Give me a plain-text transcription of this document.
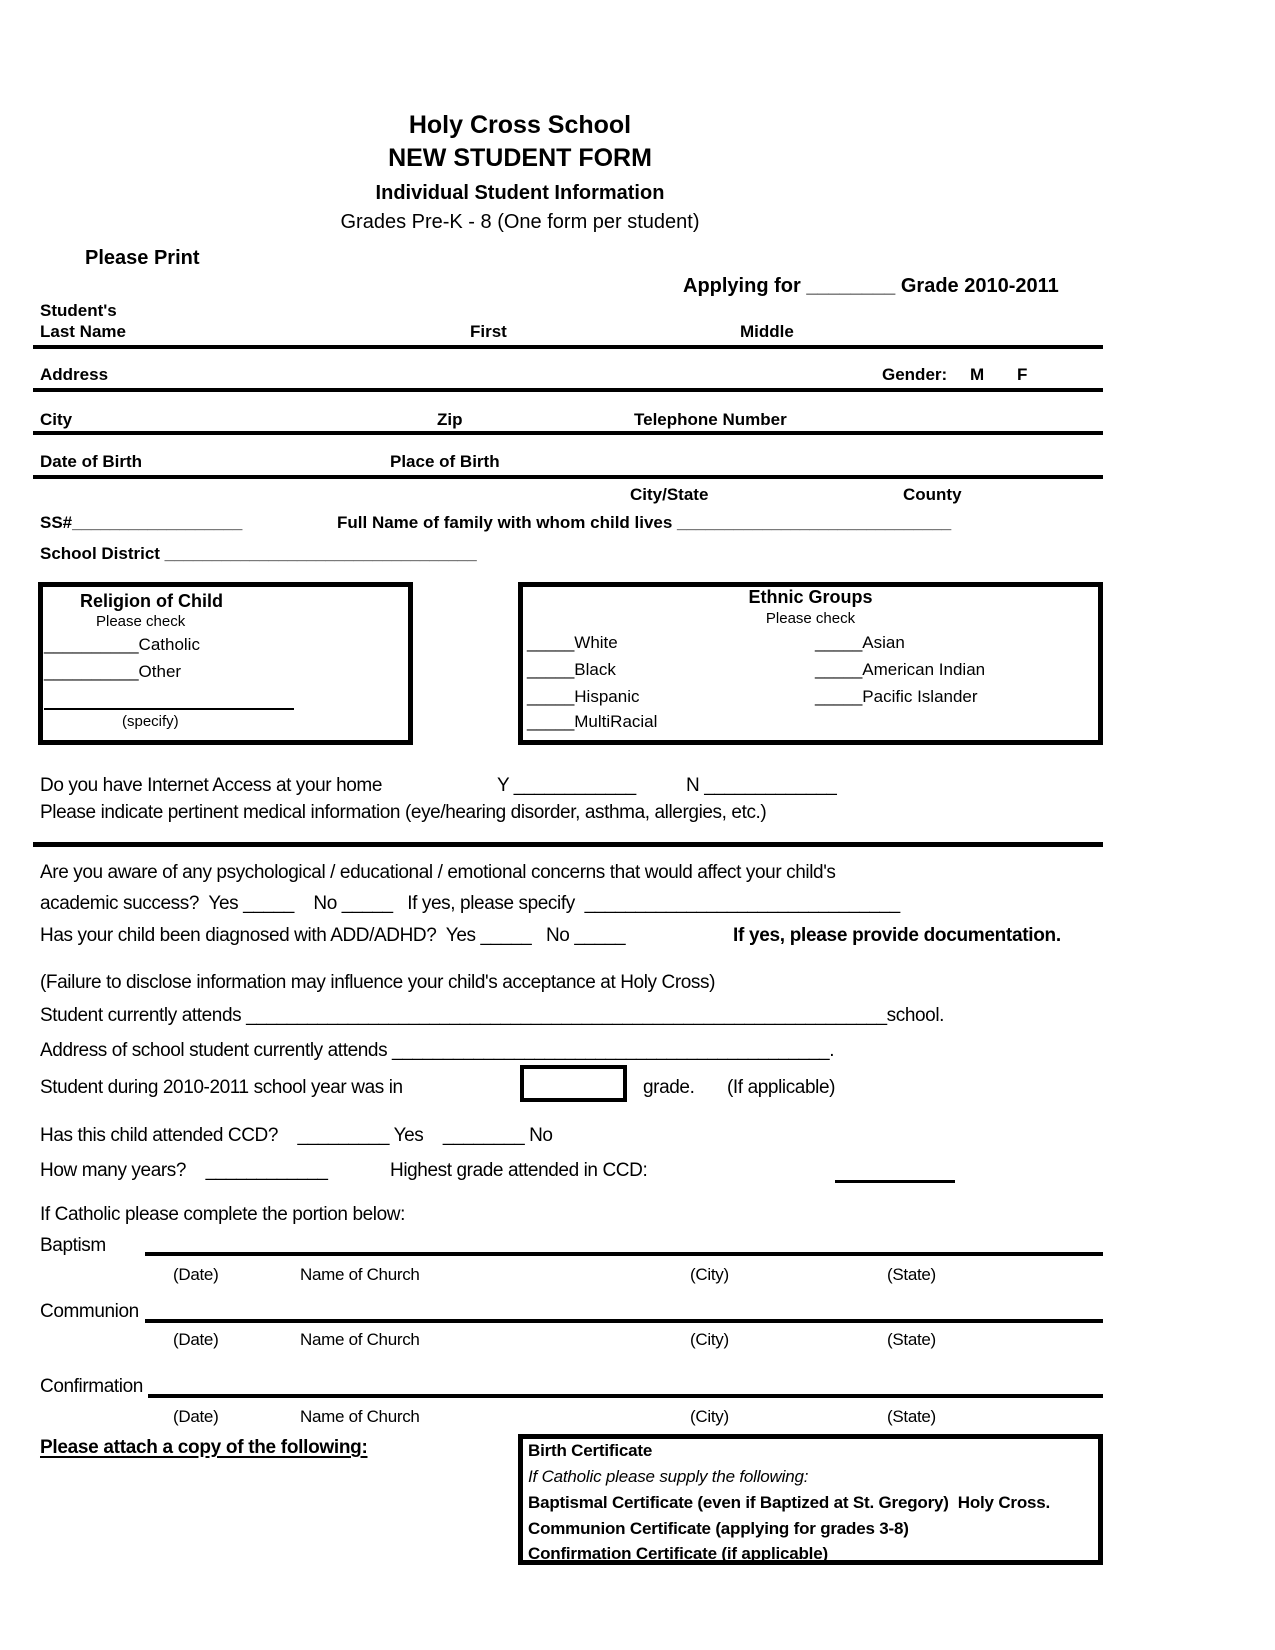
Holy Cross School
NEW STUDENT FORM
Individual Student Information
Grades Pre-K - 8 (One form per student)
Please Print
Applying for ________ Grade 2010-2011
Student's
Last Name	First	Middle
Address	Gender: M F
City	Zip	Telephone Number
Date of Birth	Place of Birth
City/State	County
SS#__________________	Full Name of family with whom child lives _____________________________
School District _________________________________
Religion of Child
Please check
__________Catholic
__________Other
(specify)
Ethnic Groups
Please check
_____White
_____Black
_____Hispanic
_____MultiRacial
_____Asian
_____American Indian
_____Pacific Islander
Do you have Internet Access at your home	Y ____________	N _____________
Please indicate pertinent medical information (eye/hearing disorder, asthma, allergies, etc.)
Are you aware of any psychological / educational / emotional concerns that would affect your child's
academic success?  Yes _____    No _____   If yes, please specify  _______________________________
Has your child been diagnosed with ADD/ADHD?  Yes _____   No _____	If yes, please provide documentation.
(Failure to disclose information may influence your child's acceptance at Holy Cross)
Student currently attends _______________________________________________________________school.
Address of school student currently attends ___________________________________________.
Student during 2010-2011 school year was in	grade. (If applicable)
Has this child attended CCD?    _________ Yes    ________ No
How many years?    ____________	Highest grade attended in CCD:
If Catholic please complete the portion below:
Baptism
(Date)	Name of Church	(City)	(State)
Communion
(Date)	Name of Church	(City)	(State)
Confirmation
(Date)	Name of Church	(City)	(State)
Please attach a copy of the following:	Birth Certificate
If Catholic please supply the following:
Baptismal Certificate (even if Baptized at St. Gregory)  Holy Cross.
Communion Certificate (applying for grades 3-8)
Confirmation Certificate (if applicable)
